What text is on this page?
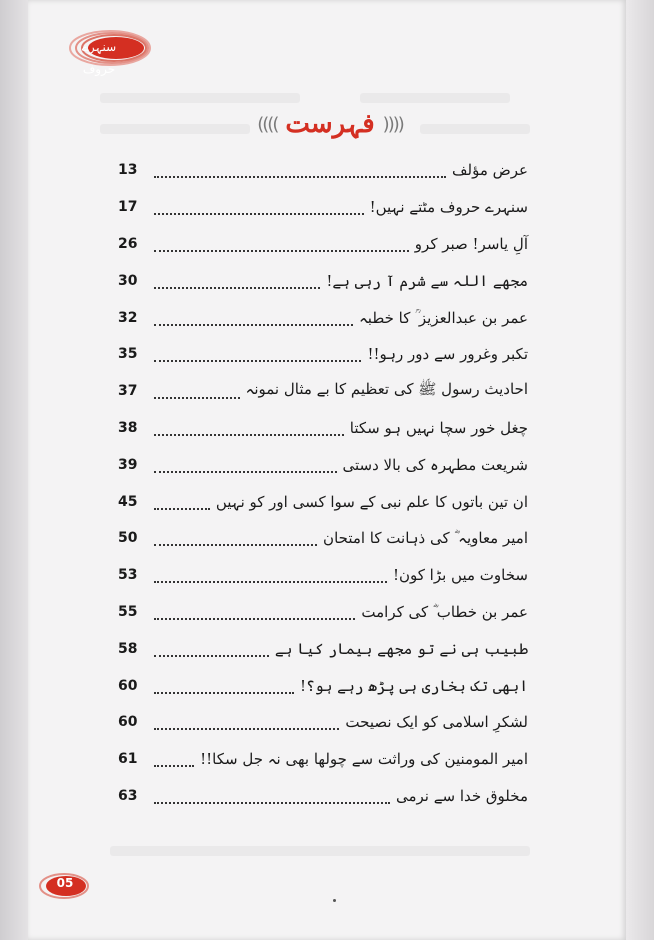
سنہرے حروف
(((( فہرست ))))
13	عرض مؤلف
17	سنہرے حروف مٹتے نہیں!
26	آلِ یاسر! صبر کرو
30	مجھے اللہ سے شرم آ رہی ہے!
32	عمر بن عبدالعزیز ؒ کا خطبہ
35	تکبر وغرور سے دور رہو!!
37	احادیث رسول ﷺ کی تعظیم کا بے مثال نمونہ
38	چغل خور سچا نہیں ہو سکتا
39	شریعت مطہرہ کی بالا دستی
45	ان تین باتوں کا علم نبی کے سوا کسی اور کو نہیں
50	امیر معاویہ ؓ کی ذہانت کا امتحان
53	سخاوت میں بڑا کون!
55	عمر بن خطاب ؓ کی کرامت
58	طبیب ہی نے تو مجھے بیمار کیا ہے
60	ابھی تک بخاری ہی پڑھ رہے ہو؟!
60	لشکرِ اسلامی کو ایک نصیحت
61	امیر المومنین کی وراثت سے چولھا بھی نہ جل سکا!!
63	مخلوق خدا سے نرمی
05
